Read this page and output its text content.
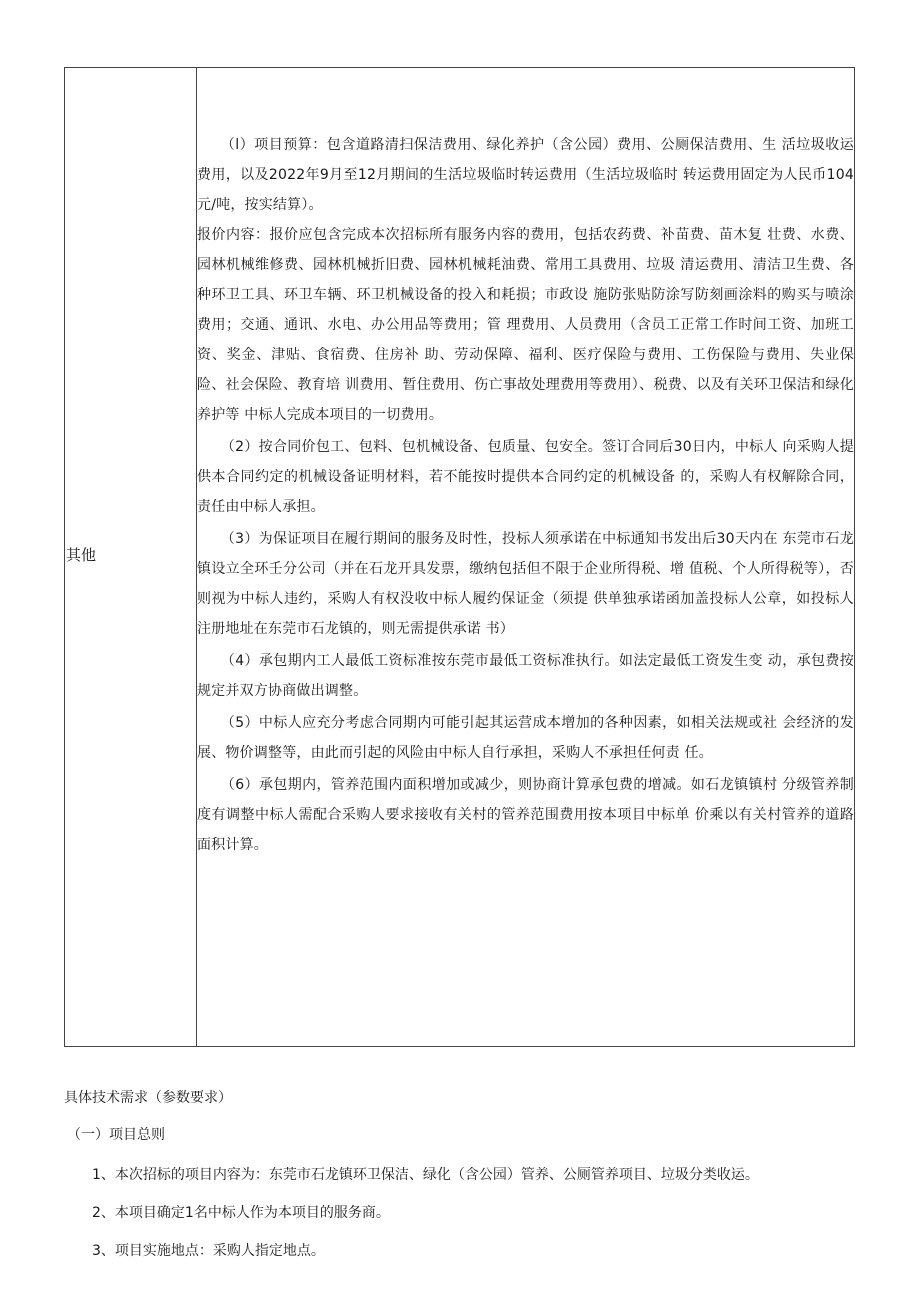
其他	

（l）项目预算：包含道路清扫保洁费用、绿化养护（含公园）费用、公厕保洁费用、生 活垃圾收运费用，以及2022年9月至12月期间的生活垃圾临时转运费用（生活垃圾临时 转运费用固定为人民币104元/吨，按实结算）。

报价内容：报价应包含完成本次招标所有服务内容的费用，包括农药费、补苗费、苗木复 壮费、水费、园林机械维修费、园林机械折旧费、园林机械耗油费、常用工具费用、垃圾 清运费用、清洁卫生费、各种环卫工具、环卫车辆、环卫机械设备的投入和耗损；市政设 施防张贴防涂写防刻画涂料的购买与喷涂费用；交通、通讯、水电、办公用品等费用；管 理费用、人员费用（含员工正常工作时间工资、加班工资、奖金、津贴、食宿费、住房补 助、劳动保障、福利、医疗保险与费用、工伤保险与费用、失业保险、社会保险、教育培 训费用、暂住费用、伤亡事故处理费用等费用）、税费、以及有关环卫保洁和绿化养护等 中标人完成本项目的一切费用。

（2）按合同价包工、包料、包机械设备、包质量、包安全。签订合同后30日内，中标人 向采购人提供本合同约定的机械设备证明材料，若不能按时提供本合同约定的机械设备 的，采购人有权解除合同，责任由中标人承担。

（3）为保证项目在履行期间的服务及时性，投标人须承诺在中标通知书发出后30天内在 东莞市石龙镇设立全环壬分公司（并在石龙开具发票，缴纳包括但不限于企业所得税、增 值税、个人所得税等），否则视为中标人违约，采购人有权没收中标人履约保证金（须提 供单独承诺函加盖投标人公章，如投标人注册地址在东莞市石龙镇的，则无需提供承诺 书）

（4）承包期内工人最低工资标准按东莞市最低工资标准执行。如法定最低工资发生变 动，承包费按规定并双方协商做出调整。

（5）中标人应充分考虑合同期内可能引起其运营成本增加的各种因素，如相关法规或社 会经济的发展、物价调整等，由此而引起的风险由中标人自行承担，采购人不承担任何责 任。

（6）承包期内，管养范围内面积增加或减少，则协商计算承包费的增减。如石龙镇镇村 分级管养制度有调整中标人需配合采购人要求接收有关村的管养范围费用按本项目中标单 价乘以有关村管养的道路面积计算。

具体技术需求（参数要求）

（一）项目总则

1、本次招标的项目内容为：东莞市石龙镇环卫保洁、绿化（含公园）管养、公厕管养项目、垃圾分类收运。

2、本项目确定1名中标人作为本项目的服务商。

3、项目实施地点：采购人指定地点。
